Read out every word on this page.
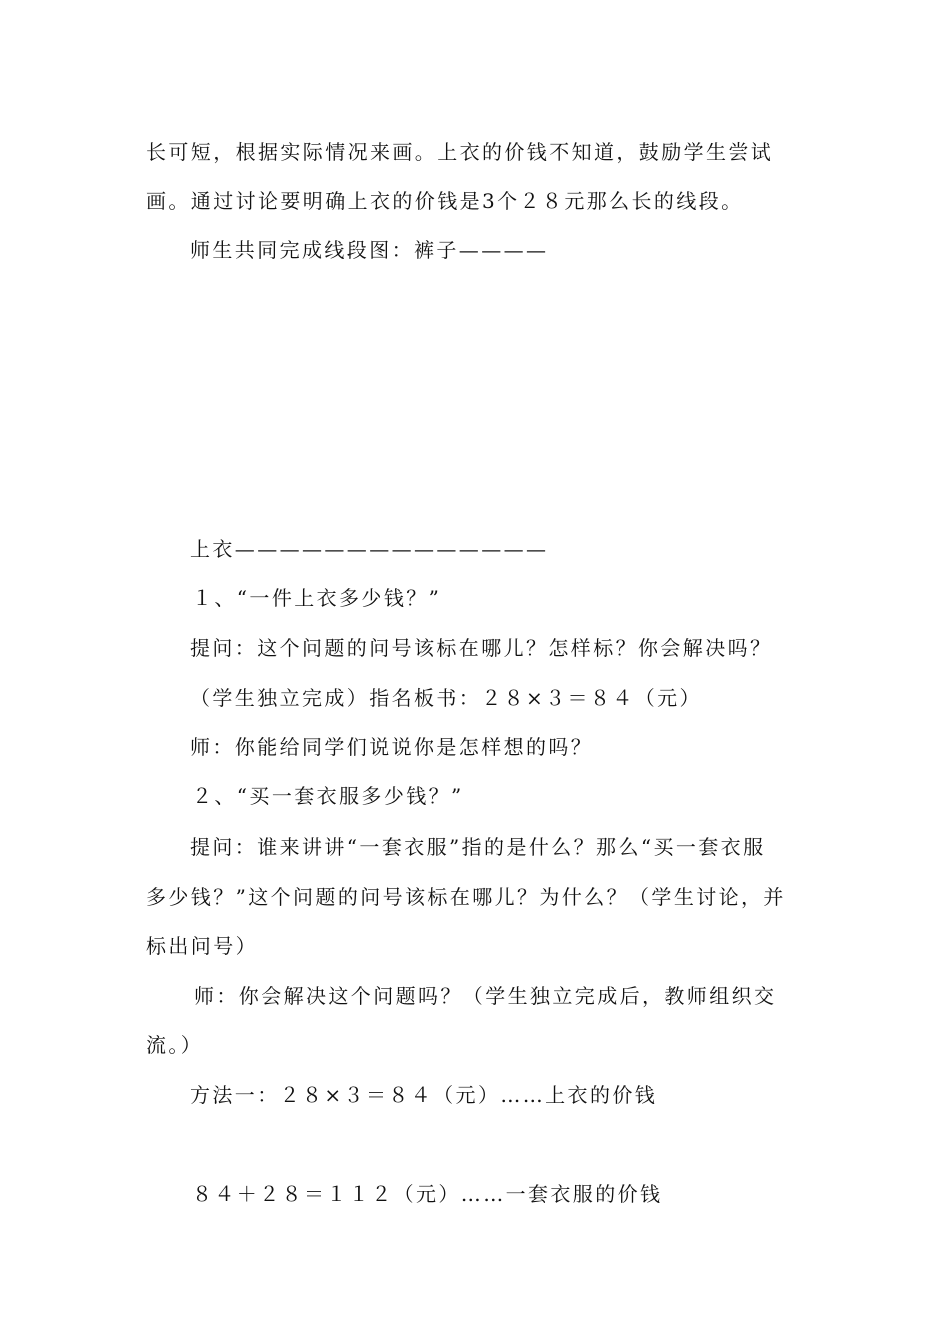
长可短，根据实际情况来画。上衣的价钱不知道，鼓励学生尝试
画。通过讨论要明确上衣的价钱是3个２８元那么长的线段。
师生共同完成线段图：裤子————
上衣——————————————
１、“一件上衣多少钱？”
提问：这个问题的问号该标在哪儿？怎样标？你会解决吗？
（学生独立完成）指名板书：２８×３＝８４（元）
师：你能给同学们说说你是怎样想的吗？
２、“买一套衣服多少钱？”
提问：谁来讲讲“一套衣服”指的是什么？那么“买一套衣服
多少钱？”这个问题的问号该标在哪儿？为什么？（学生讨论，并
标出问号）
师：你会解决这个问题吗？（学生独立完成后，教师组织交
流。）
方法一：２８×３＝８４（元）……上衣的价钱
８４＋２８＝１１２（元）……一套衣服的价钱
